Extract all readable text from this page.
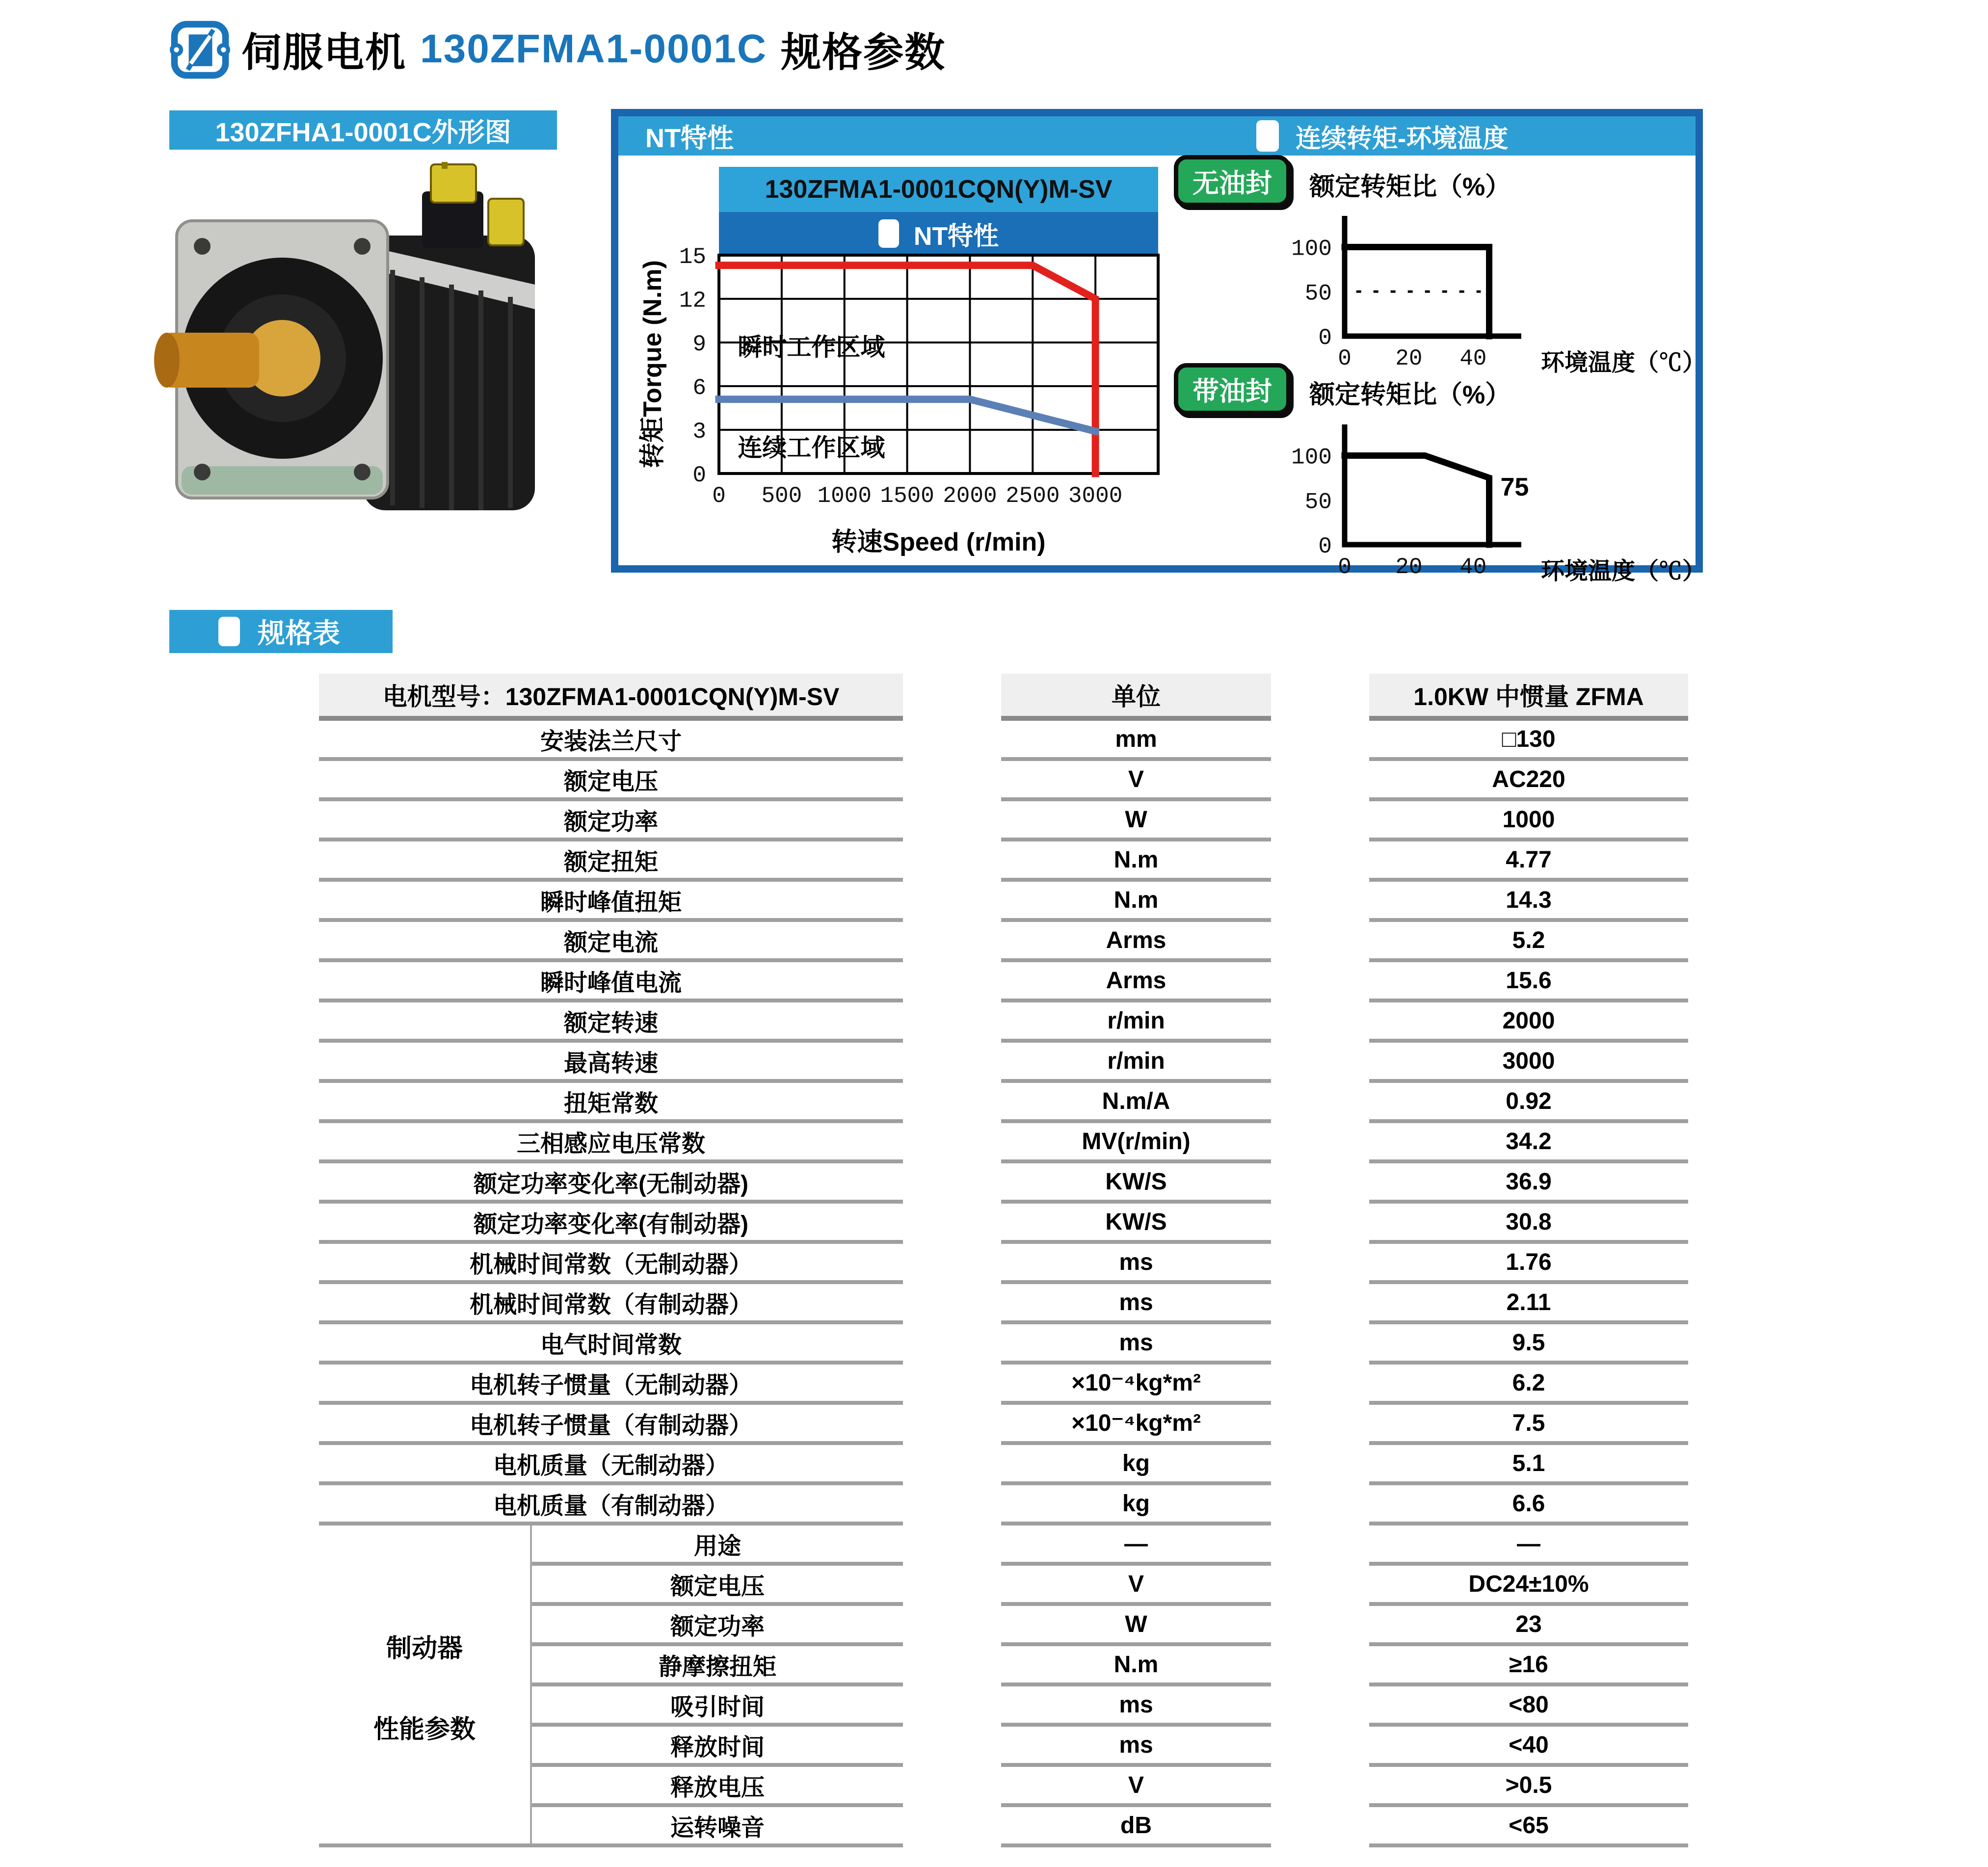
伺服电机 130ZFMA1-0001C 规格参数
130ZFHA1-0001C外形图	NT特性	连续转矩-环境温度
130ZFMA1-0001CQN(Y)M-SV
NT特性
0 500 1000 1500 2000 2500 3000
0
3
6
9
12
15
瞬时工作区域
连续工作区域
转矩Torque (N.m)
转速Speed (r/min)
无油封 额定转矩比（%）
0 20 40
0
50
100
环境温度（℃）
带油封 额定转矩比（%）
0 20 40
0
50
100
75
环境温度（℃）
规格表
电机型号：130ZFMA1-0001CQN(Y)M-SV	单位	1.0KW 中惯量 ZFMA
安装法兰尺寸	mm	□130
额定电压	V	AC220
额定功率	W	1000
额定扭矩	N.m	4.77
瞬时峰值扭矩	N.m	14.3
额定电流	Arms	5.2
瞬时峰值电流	Arms	15.6
额定转速	r/min	2000
最高转速	r/min	3000
扭矩常数	N.m/A	0.92
三相感应电压常数	MV(r/min)	34.2
额定功率变化率(无制动器)	KW/S	36.9
额定功率变化率(有制动器)	KW/S	30.8
机械时间常数（无制动器）	ms	1.76
机械时间常数（有制动器）	ms	2.11
电气时间常数	ms	9.5
电机转子惯量（无制动器）	×10⁻⁴kg*m²	6.2
电机转子惯量（有制动器）	×10⁻⁴kg*m²	7.5
电机质量（无制动器）	kg	5.1
电机质量（有制动器）	kg	6.6
制动器
性能参数
用途	—	—
额定电压	V	DC24±10%
额定功率	W	23
静摩擦扭矩	N.m	≥16
吸引时间	ms	<80
释放时间	ms	<40
释放电压	V	>0.5
运转噪音	dB	<65
